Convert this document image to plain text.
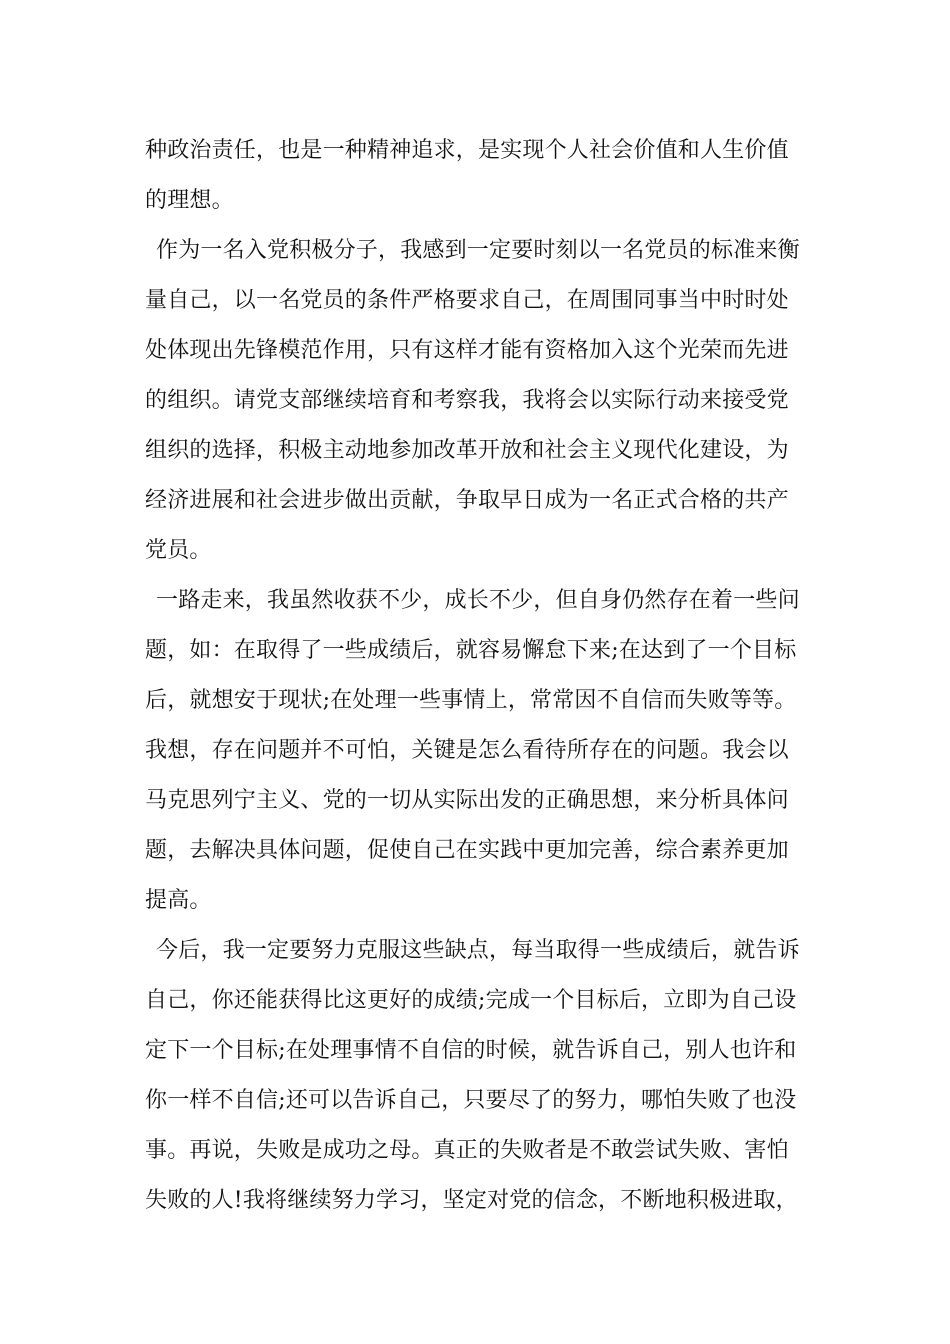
种政治责任，也是一种精神追求，是实现个人社会价值和人生价值
的理想。
作为一名入党积极分子，我感到一定要时刻以一名党员的标准来衡
量自己，以一名党员的条件严格要求自己，在周围同事当中时时处
处体现出先锋模范作用，只有这样才能有资格加入这个光荣而先进
的组织。请党支部继续培育和考察我，我将会以实际行动来接受党
组织的选择，积极主动地参加改革开放和社会主义现代化建设，为
经济进展和社会进步做出贡献，争取早日成为一名正式合格的共产
党员。
一路走来，我虽然收获不少，成长不少，但自身仍然存在着一些问
题，如：在取得了一些成绩后，就容易懈怠下来;在达到了一个目标
后，就想安于现状;在处理一些事情上，常常因不自信而失败等等。
我想，存在问题并不可怕，关键是怎么看待所存在的问题。我会以
马克思列宁主义、党的一切从实际出发的正确思想，来分析具体问
题，去解决具体问题，促使自己在实践中更加完善，综合素养更加
提高。
今后，我一定要努力克服这些缺点，每当取得一些成绩后，就告诉
自己，你还能获得比这更好的成绩;完成一个目标后，立即为自己设
定下一个目标;在处理事情不自信的时候，就告诉自己，别人也许和
你一样不自信;还可以告诉自己，只要尽了的努力，哪怕失败了也没
事。再说，失败是成功之母。真正的失败者是不敢尝试失败、害怕
失败的人!我将继续努力学习，坚定对党的信念，不断地积极进取，
